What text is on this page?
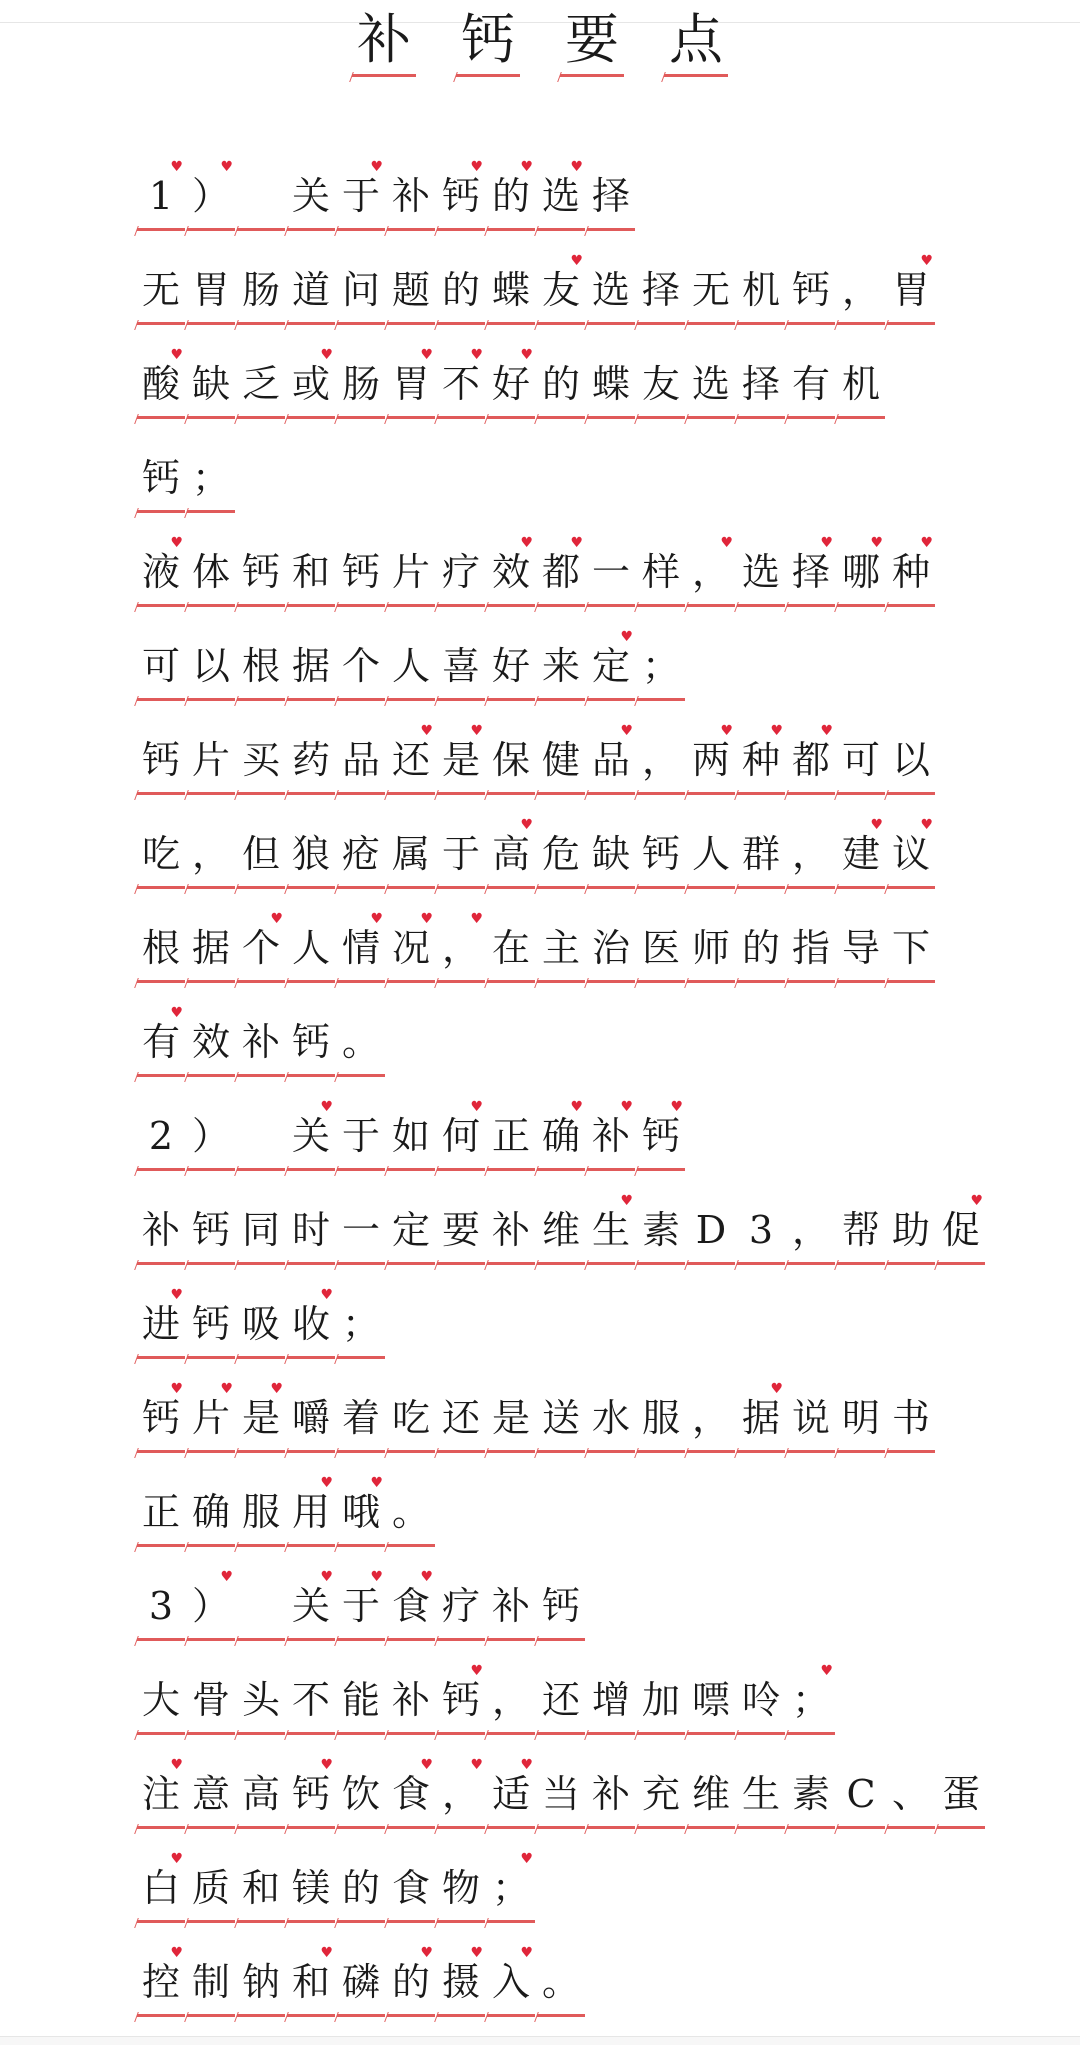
补 钙 要 点
1 ♥ ） ♥ 关 于 ♥ 补 钙 ♥ 的 ♥ 选 ♥ 择
无 胃 肠 道 问 题 的 蝶 友 ♥ 选 择 无 机 钙 ， 胃 ♥
酸 ♥ 缺 乏 或 ♥ 肠 胃 ♥ 不 ♥ 好 ♥ 的 蝶 友 选 择 有 机
钙 ；
液 ♥ 体 钙 和 钙 片 疗 效 ♥ 都 ♥ 一 样 ， ♥ 选 择 ♥ 哪 ♥ 种 ♥
可 以 根 据 个 人 喜 好 来 定 ♥ ；
钙 片 买 药 品 还 ♥ 是 ♥ 保 健 品 ♥ ， 两 ♥ 种 ♥ 都 ♥ 可 以
吃 ， 但 狼 疮 属 于 高 ♥ 危 缺 钙 人 群 ， 建 ♥ 议 ♥
根 据 个 ♥ 人 情 ♥ 况 ♥ ， ♥ 在 主 治 医 师 的 指 导 下
有 ♥ 效 补 钙 。
2 ） 关 ♥ 于 如 何 ♥ 正 确 ♥ 补 ♥ 钙 ♥
补 钙 同 时 一 定 要 补 维 生 ♥ 素 D 3 ， 帮 助 促 ♥
进 ♥ 钙 吸 收 ♥ ；
钙 ♥ 片 ♥ 是 ♥ 嚼 着 吃 还 是 送 水 服 ， 据 ♥ 说 明 书
正 确 服 用 ♥ 哦 ♥ 。
3 ） ♥ 关 ♥ 于 ♥ 食 ♥ 疗 补 钙
大 骨 头 不 能 补 钙 ♥ ， 还 增 加 嘌 呤 ； ♥
注 ♥ 意 高 钙 ♥ 饮 食 ♥ ， ♥ 适 ♥ 当 补 充 维 生 素 C 、 蛋
白 ♥ 质 和 镁 的 食 物 ； ♥
控 ♥ 制 钠 和 ♥ 磷 的 ♥ 摄 ♥ 入 ♥ 。
